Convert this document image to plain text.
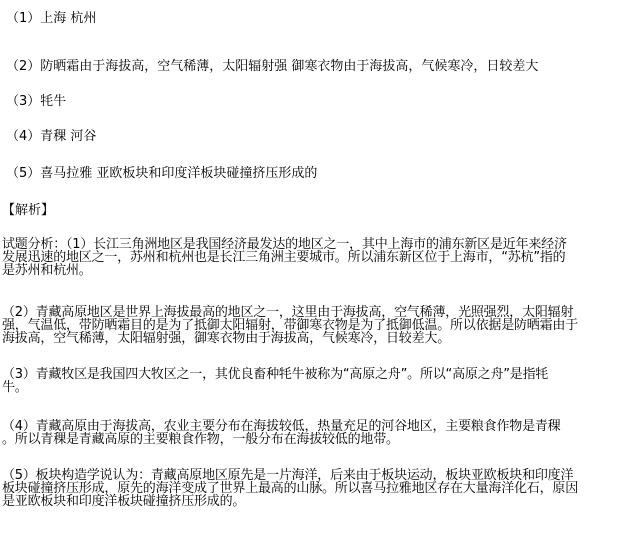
（1）上海 杭州
（2）防晒霜由于海拔高，空气稀薄，太阳辐射强 御寒衣物由于海拔高，气候寒冷，日较差大
（3）牦牛
（4）青稞 河谷
（5）喜马拉雅 亚欧板块和印度洋板块碰撞挤压形成的
【解析】

试题分析：（1）长江三角洲地区是我国经济最发达的地区之一，其中上海市的浦东新区是近年来经济

发展迅速的地区之一，苏州和杭州也是长江三角洲主要城市。所以浦东新区位于上海市，“苏杭”指的

是苏州和杭州。

（2）青藏高原地区是世界上海拔最高的地区之一，这里由于海拔高，空气稀薄，光照强烈，太阳辐射

强，气温低，带防晒霜目的是为了抵御太阳辐射，带御寒衣物是为了抵御低温。所以依据是防晒霜由于

海拔高，空气稀薄，太阳辐射强，御寒衣物由于海拔高，气候寒冷，日较差大。

（3）青藏牧区是我国四大牧区之一，其优良畜种牦牛被称为“高原之舟”。所以“高原之舟”是指牦

牛。

（4）青藏高原由于海拔高，农业主要分布在海拔较低，热量充足的河谷地区，主要粮食作物是青稞

。所以青稞是青藏高原的主要粮食作物，一般分布在海拔较低的地带。

（5）板块构造学说认为：青藏高原地区原先是一片海洋，后来由于板块运动，板块亚欧板块和印度洋

板块碰撞挤压形成，原先的海洋变成了世界上最高的山脉。所以喜马拉雅地区存在大量海洋化石，原因

是亚欧板块和印度洋板块碰撞挤压形成的。
